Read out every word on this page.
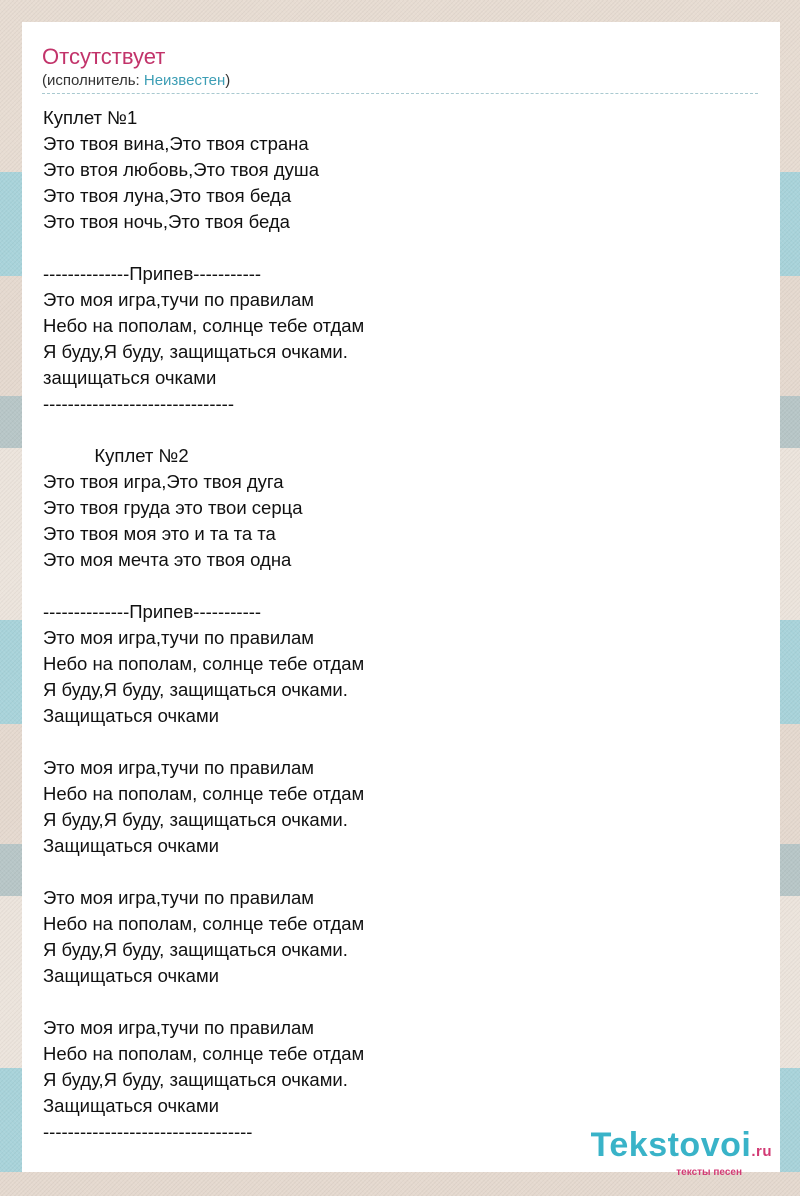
Отсутствует
(исполнитель: Неизвестен)
Куплет №1
Это твоя вина,Это твоя страна
Это втоя любовь,Это твоя душа
Это твоя луна,Это твоя беда
Это твоя ночь,Это твоя беда

--------------Припев-----------
Это моя игра,тучи по правилам
Небо на пополам, солнце тебе отдам
Я буду,Я буду, защищаться очками.
защищаться очками
-------------------------------

Куплет №2
Это твоя игра,Это твоя дуга
Это твоя груда это твои серца
Это твоя моя это и та та та
Это моя мечта это твоя одна

--------------Припев-----------
Это моя игра,тучи по правилам
Небо на пополам, солнце тебе отдам
Я буду,Я буду, защищаться очками.
Защищаться очками

Это моя игра,тучи по правилам
Небо на пополам, солнце тебе отдам
Я буду,Я буду, защищаться очками.
Защищаться очками

Это моя игра,тучи по правилам
Небо на пополам, солнце тебе отдам
Я буду,Я буду, защищаться очками.
Защищаться очками

Это моя игра,тучи по правилам
Небо на пополам, солнце тебе отдам
Я буду,Я буду, защищаться очками.
Защищаться очками
----------------------------------	Tekstovoi.ru
тексты песен
